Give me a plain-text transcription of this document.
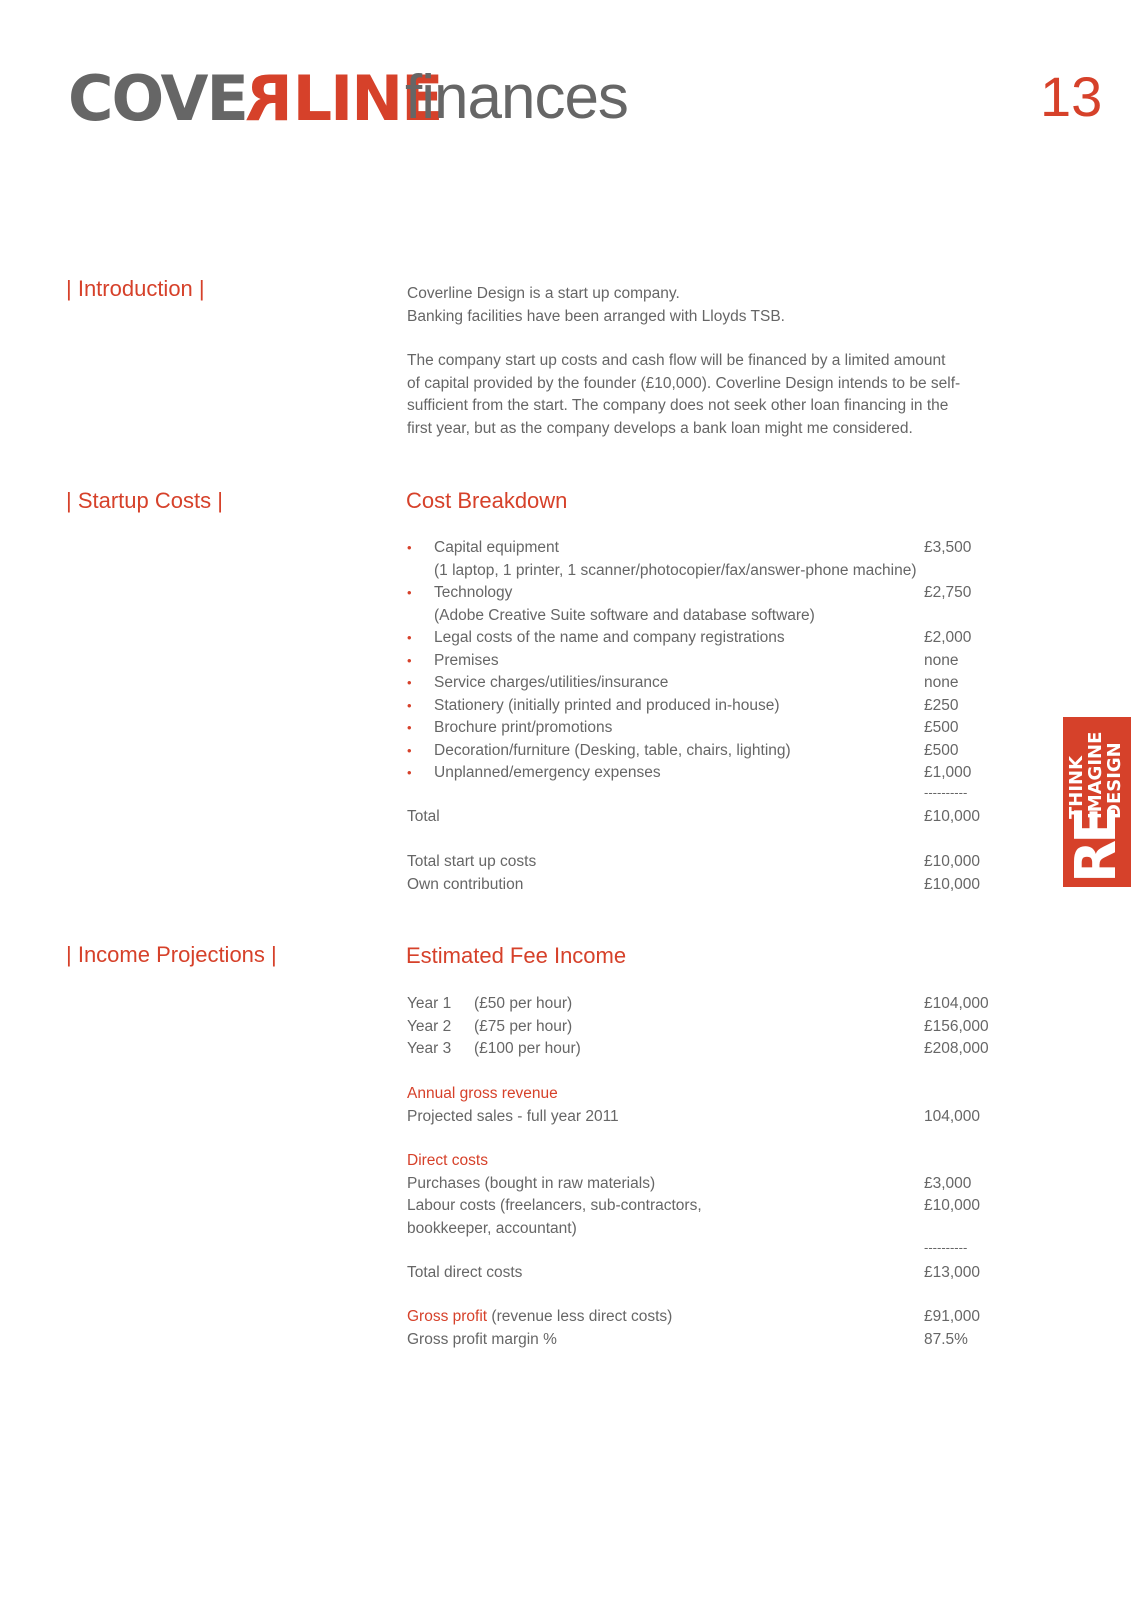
COVERLINE
finances	13
| Introduction |
| Startup Costs |
| Income Projections |
Coverline Design is a start up company.
Banking facilities have been arranged with Lloyds TSB.
The company start up costs and cash flow will be financed by a limited amount
of capital provided by the founder (£10,000). Coverline Design intends to be self-
sufficient from the start. The company does not seek other loan financing in the
first year, but as the company develops a bank loan might me considered.
Cost Breakdown
• Capital equipment	£3,500
(1 laptop, 1 printer, 1 scanner/photocopier/fax/answer-phone machine)
• Technology	£2,750
(Adobe Creative Suite software and database software)
• Legal costs of the name and company registrations	£2,000
• Premises	none
• Service charges/utilities/insurance	none
• Stationery (initially printed and produced in-house)	£250
• Brochure print/promotions	£500
• Decoration/furniture (Desking, table, chairs, lighting)	£500
• Unplanned/emergency expenses	£1,000
----------
Total	£10,000
Total start up costs	£10,000
Own contribution	£10,000
Estimated Fee Income
Year 1 (£50 per hour)	£104,000
Year 2 (£75 per hour)	£156,000
Year 3 (£100 per hour)	£208,000
Annual gross revenue
Projected sales - full year 2011	104,000
Direct costs
Purchases (bought in raw materials)	£3,000
Labour costs (freelancers, sub-contractors,	£10,000
bookkeeper, accountant)
----------
Total direct costs	£13,000
Gross profit (revenue less direct costs)	£91,000
Gross profit margin %	87.5%
RE
THINK
IMAGINE
DESIGN
